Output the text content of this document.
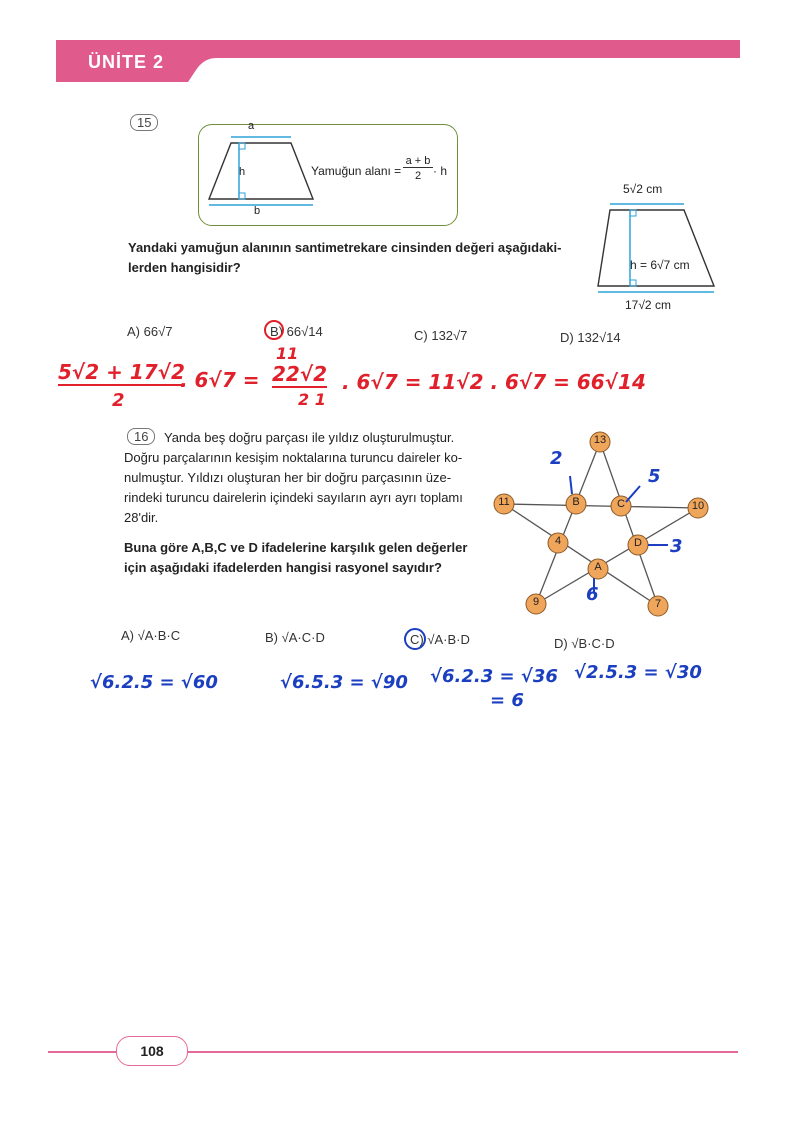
ÜNİTE 2
15	a
h
b
Yamuğun alanı =
a + b
2 · h
5√2 cm
h = 6√7 cm
17√2 cm
Yandaki yamuğun alanının santimetrekare cinsinden değeri aşağıdaki-
lerden hangisidir?
A) 66√7	B) 66√14	C) 132√7	D) 132√14
5√2 + 17√2
2
. 6√7 =
11
22√2
2 1
. 6√7 = 11√2 . 6√7 = 66√14
16	Yanda beş doğru parçası ile yıldız oluşturulmuştur.
Doğru parçalarının kesişim noktalarına turuncu daireler ko-
nulmuştur. Yıldızı oluşturan her bir doğru parçasının üze-
rindeki turuncu dairelerin içindeki sayıların ayrı ayrı toplamı
28'dir.
Buna göre A,B,C ve D ifadelerine karşılık gelen değerler
için aşağıdaki ifadelerden hangisi rasyonel sayıdır?
13
11	10
B	C
4	D
A
9	7
2
5
3
6
A) √A·B·C	B) √A·C·D	C) √A·B·D	D) √B·C·D
√6.2.5 = √60	√6.5.3 = √90 √6.2.3 = √36
= 6
√2.5.3 = √30
108
